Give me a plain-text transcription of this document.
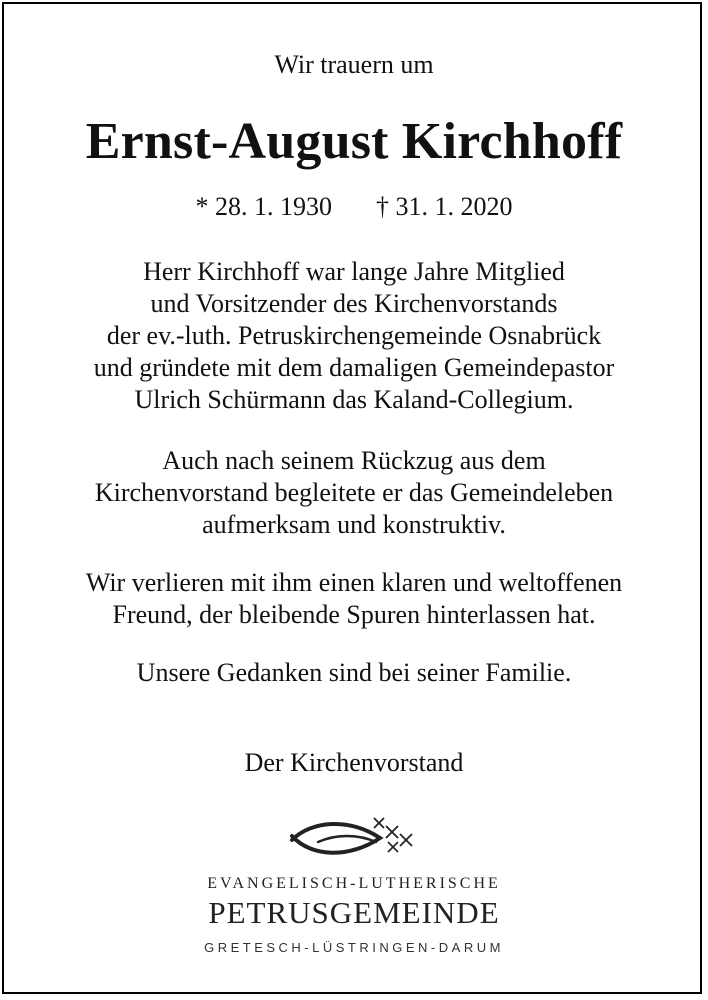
Wir trauern um
Ernst-August Kirchhoff
* 28. 1. 1930 † 31. 1. 2020
Herr Kirchhoff war lange Jahre Mitglied
und Vorsitzender des Kirchenvorstands
der ev.-luth. Petruskirchengemeinde Osnabrück
und gründete mit dem damaligen Gemeindepastor
Ulrich Schürmann das Kaland-Collegium.
Auch nach seinem Rückzug aus dem
Kirchenvorstand begleitete er das Gemeindeleben
aufmerksam und konstruktiv.
Wir verlieren mit ihm einen klaren und weltoffenen
Freund, der bleibende Spuren hinterlassen hat.
Unsere Gedanken sind bei seiner Familie.
Der Kirchenvorstand
EVANGELISCH-LUTHERISCHE
PETRUSGEMEINDE
GRETESCH-LÜSTRINGEN-DARUM
